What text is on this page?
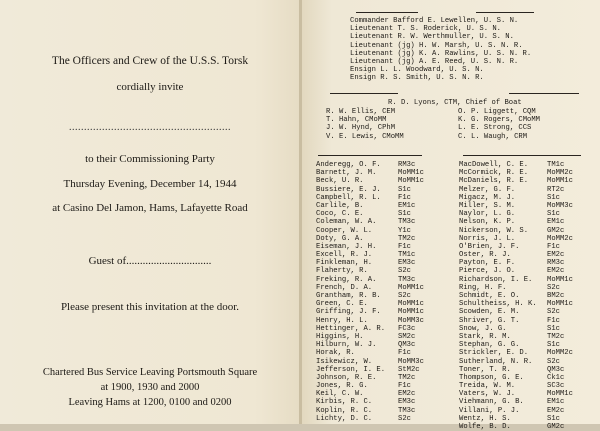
The Officers and Crew of the U.S.S. Torsk
cordially invite
......................................................
to their Commissioning Party
Thursday Evening, December 14, 1944
at Casino Del Jamon, Hams, Lafayette Road
Guest of...............................
Please present this invitation at the door.
Chartered Bus Service Leaving Portsmouth Square
at 1900, 1930 and 2000
Leaving Hams at 1200, 0100 and 0200
Commander Bafford E. Lewellen, U. S. N.
Lieutenant T. S. Roderick, U. S. N.
Lieutenant R. W. Werthmuller, U. S. N.
Lieutenant (jg) H. W. Marsh, U. S. N. R.
Lieutenant (jg) K. A. Rawlins, U. S. N. R.
Lieutenant (jg) A. E. Reed, U. S. N. R.
Ensign L. L. Woodward, U. S. N.
Ensign R. S. Smith, U. S. N. R.
R. D. Lyons, CTM, Chief of Boat
R. W. Ellis, CEM
T. Hahn, CMoMM
J. W. Hynd, CPhM
V. E. Lewis, CMoMM
O. P. Liggett, CQM
K. G. Rogers, CMoMM
L. E. Strong, CCS
C. L. Waugh, CRM
Anderegg, O. F.
Barnett, J. M.
Beck, U. R.
Bussiere, E. J.
Campbell, R. L.
Carlile, B.
Coco, C. E.
Coleman, W. A.
Cooper, W. L.
Doty, G. A.
Eiseman, J. H.
Excell, R. J.
Finkleman, H.
Flaherty, R.
Freking, R. A.
French, D. A.
Grantham, R. B.
Green, C. E.
Griffing, J. F.
Henry, H. L.
Hettinger, A. R.
Higgins, H.
Hilburn, W. J.
Horak, R.
Isikewicz, W.
Jefferson, I. E.
Johnson, R. E.
Jones, R. G.
Keil, C. W.
Kirbis, R. C.
Koplin, R. C.
Lichty, D. C.
RM3c
MoMM1c
MoMM1c
S1c
F1c
EM1c
S1c
TM3c
Y1c
TM2c
F1c
TM1c
EM3c
S2c
TM3c
MoMM1c
S2c
MoMM1c
MoMM1c
MoMM3c
FC3c
SM2c
QM3c
F1c
MoMM3c
StM2c
TM2c
F1c
EM2c
EM3c
TM3c
S2c
MacDowell, C. E.
McCormick, R. E.
McDaniels, R. E.
Melzer, G. F.
Migacz, M. J.
Miller, S. M.
Naylor, L. G.
Nelson, K. P.
Nickerson, W. S.
Norris, J. L.
O'Brien, J. F.
Oster, R. J.
Payton, E. F.
Pierce, J. O.
Richardson, I. E.
Ring, H. F.
Schmidt, E. O.
Schultheiss, H. K.
Scowden, E. M.
Shriver, G. T.
Snow, J. G.
Stark, R. M.
Stephan, G. G.
Strickler, E. D.
Sutherland, N. R.
Toner, T. R.
Thompson, G. E.
Treida, W. M.
Vaters, W. J.
Viehmann, G. B.
Villani, P. J.
Wentz, H. S.
Wolfe, B. D.
TM1c
MoMM2c
MoMM1c
RT2c
S1c
MoMM3c
S1c
EM1c
GM2c
MoMM2c
F1c
EM2c
RM3c
EM2c
MoMM1c
S2c
BM2c
MoMM1c
S2c
F1c
S1c
TM2c
S1c
MoMM2c
S2c
QM3c
Ck1c
SC3c
MoMM1c
EM1c
EM2c
S1c
GM2c
